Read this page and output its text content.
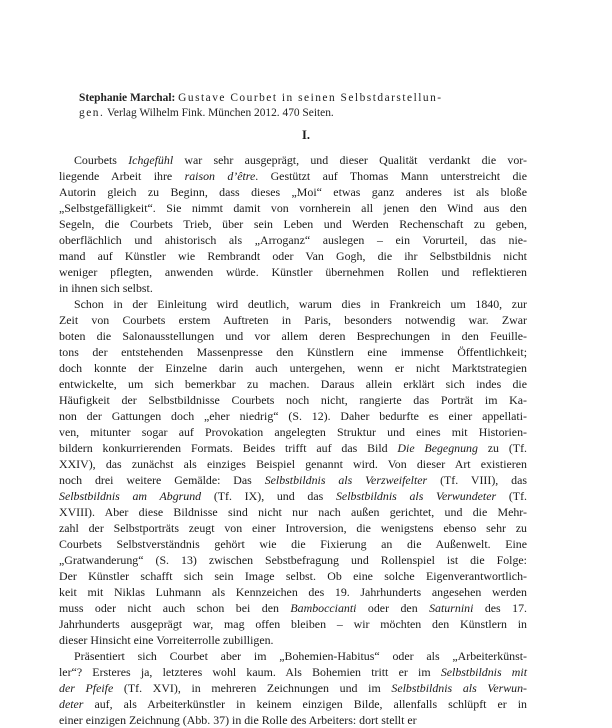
Stephanie Marchal: Gustave Courbet in seinen Selbstdarstellun-
gen. Verlag Wilhelm Fink. München 2012. 470 Seiten.
I.
Courbets Ichgefühl war sehr ausgeprägt, und dieser Qualität verdankt die vor-
liegende Arbeit ihre raison d’être. Gestützt auf Thomas Mann unterstreicht die
Autorin gleich zu Beginn, dass dieses „Moi“ etwas ganz anderes ist als bloße
„Selbstgefälligkeit“. Sie nimmt damit von vornherein all jenen den Wind aus den
Segeln, die Courbets Trieb, über sein Leben und Werden Rechenschaft zu geben,
oberflächlich und ahistorisch als „Arroganz“ auslegen – ein Vorurteil, das nie-
mand auf Künstler wie Rembrandt oder Van Gogh, die ihr Selbstbildnis nicht
weniger pflegten, anwenden würde. Künstler übernehmen Rollen und reflektieren
in ihnen sich selbst.
Schon in der Einleitung wird deutlich, warum dies in Frankreich um 1840, zur
Zeit von Courbets erstem Auftreten in Paris, besonders notwendig war. Zwar
boten die Salonausstellungen und vor allem deren Besprechungen in den Feuille-
tons der entstehenden Massenpresse den Künstlern eine immense Öffentlichkeit;
doch konnte der Einzelne darin auch untergehen, wenn er nicht Marktstrategien
entwickelte, um sich bemerkbar zu machen. Daraus allein erklärt sich indes die
Häufigkeit der Selbstbildnisse Courbets noch nicht, rangierte das Porträt im Ka-
non der Gattungen doch „eher niedrig“ (S. 12). Daher bedurfte es einer appellati-
ven, mitunter sogar auf Provokation angelegten Struktur und eines mit Historien-
bildern konkurrierenden Formats. Beides trifft auf das Bild Die Begegnung zu (Tf.
XXIV), das zunächst als einziges Beispiel genannt wird. Von dieser Art existieren
noch drei weitere Gemälde: Das Selbstbildnis als Verzweifelter (Tf. VIII), das
Selbstbildnis am Abgrund (Tf. IX), und das Selbstbildnis als Verwundeter (Tf.
XVIII). Aber diese Bildnisse sind nicht nur nach außen gerichtet, und die Mehr-
zahl der Selbstporträts zeugt von einer Introversion, die wenigstens ebenso sehr zu
Courbets Selbstverständnis gehört wie die Fixierung an die Außenwelt. Eine
„Gratwanderung“ (S. 13) zwischen Sebstbefragung und Rollenspiel ist die Folge:
Der Künstler schafft sich sein Image selbst. Ob eine solche Eigenverantwortlich-
keit mit Niklas Luhmann als Kennzeichen des 19. Jahrhunderts angesehen werden
muss oder nicht auch schon bei den Bamboccianti oder den Saturnini des 17.
Jahrhunderts ausgeprägt war, mag offen bleiben – wir möchten den Künstlern in
dieser Hinsicht eine Vorreiterrolle zubilligen.
Präsentiert sich Courbet aber im „Bohemien-Habitus“ oder als „Arbeiterkünst-
ler“? Ersteres ja, letzteres wohl kaum. Als Bohemien tritt er im Selbstbildnis mit
der Pfeife (Tf. XVI), in mehreren Zeichnungen und im Selbstbildnis als Verwun-
deter auf, als Arbeiterkünstler in keinem einzigen Bilde, allenfalls schlüpft er in
einer einzigen Zeichnung (Abb. 37) in die Rolle des Arbeiters: dort stellt er
